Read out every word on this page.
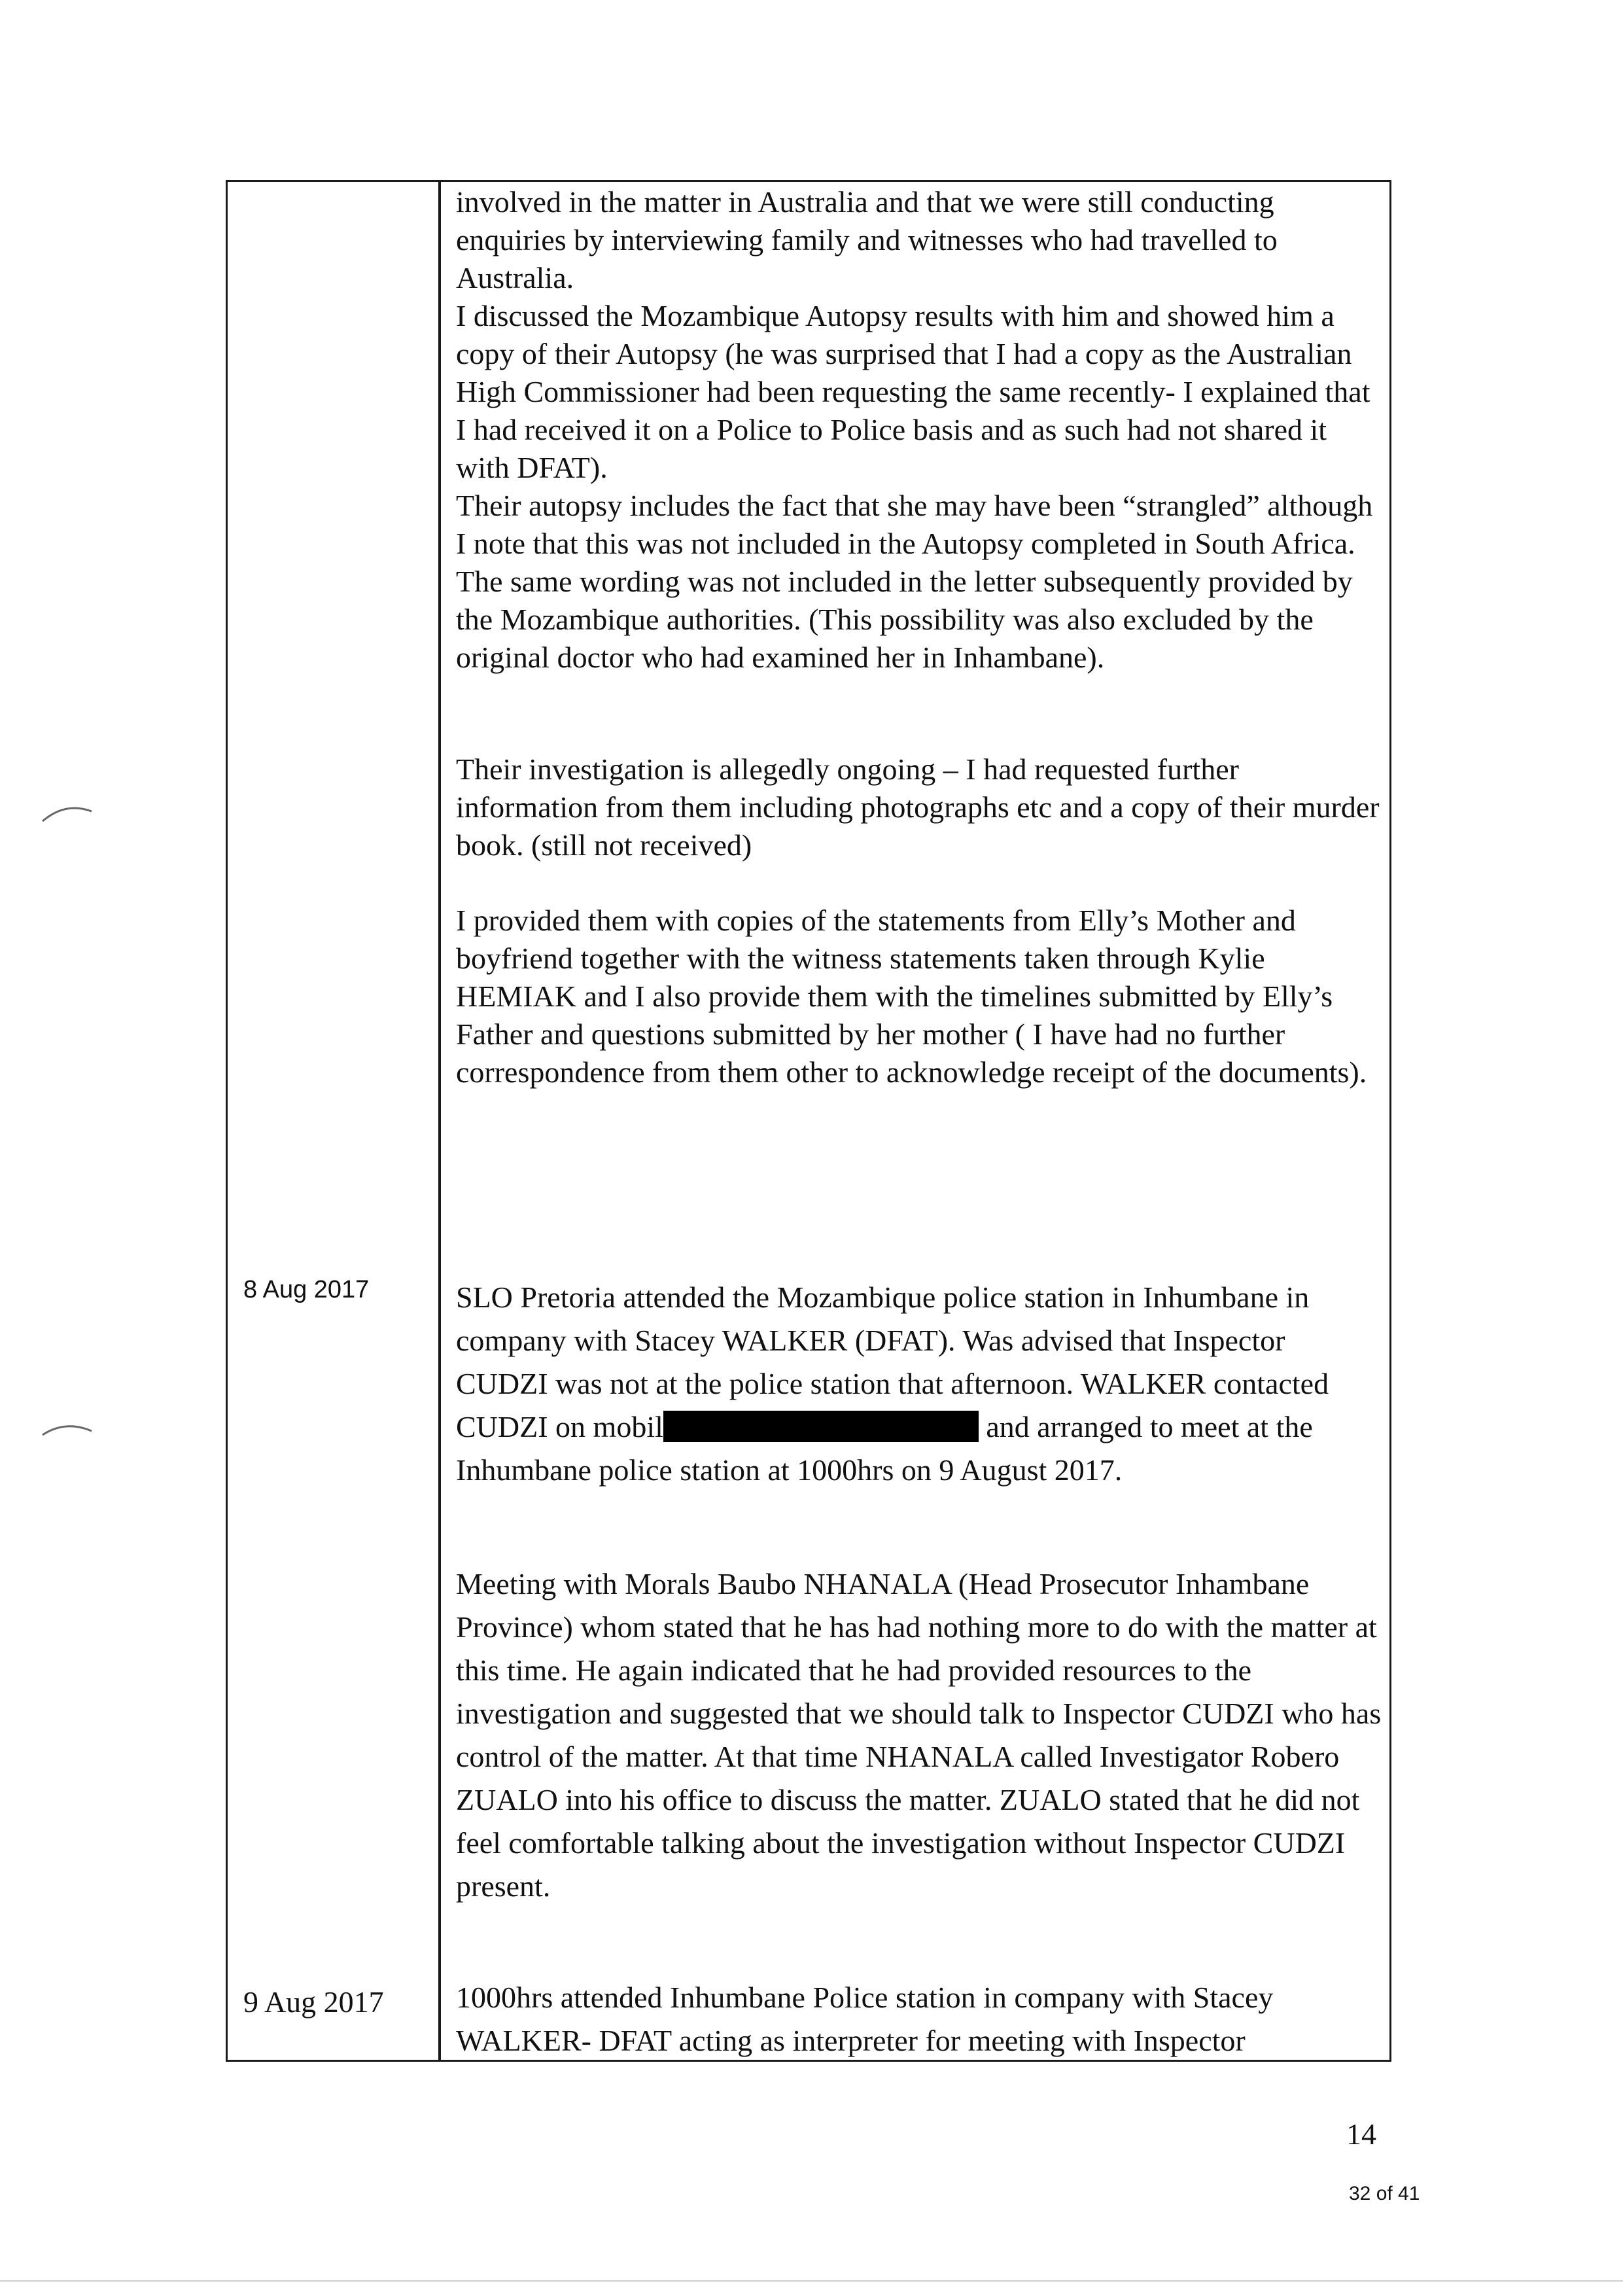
involved in the matter in Australia and that we were still conducting enquiries by interviewing family and witnesses who had travelled to Australia.

I discussed the Mozambique Autopsy results with him and showed him a copy of their Autopsy (he was surprised that I had a copy as the Australian High Commissioner had been requesting the same recently- I explained that I had received it on a Police to Police basis and as such had not shared it with DFAT).

Their autopsy includes the fact that she may have been “strangled” although I note that this was not included in the Autopsy completed in South Africa. The same wording was not included in the letter subsequently provided by the Mozambique authorities. (This possibility was also excluded by the original doctor who had examined her in Inhambane).

Their investigation is allegedly ongoing – I had requested further information from them including photographs etc and a copy of their murder book. (still not received)

I provided them with copies of the statements from Elly’s Mother and boyfriend together with the witness statements taken through Kylie HEMIAK and I also provide them with the timelines submitted by Elly’s Father and questions submitted by her mother ( I have had no further correspondence from them other to acknowledge receipt of the documents).

8 Aug 2017	SLO Pretoria attended the Mozambique police station in Inhumbane in company with Stacey WALKER (DFAT). Was advised that Inspector CUDZI was not at the police station that afternoon. WALKER contacted CUDZI on mobil	and arranged to meet at the Inhumbane police station at 1000hrs on 9 August 2017.

Meeting with Morals Baubo NHANALA (Head Prosecutor Inhambane Province) whom stated that he has had nothing more to do with the matter at this time. He again indicated that he had provided resources to the investigation and suggested that we should talk to Inspector CUDZI who has control of the matter. At that time NHANALA called Investigator Robero ZUALO into his office to discuss the matter. ZUALO stated that he did not feel comfortable talking about the investigation without Inspector CUDZI present.

9 Aug 2017 1000hrs attended Inhumbane Police station in company with Stacey WALKER- DFAT acting as interpreter for meeting with Inspector

14

32 of 41
